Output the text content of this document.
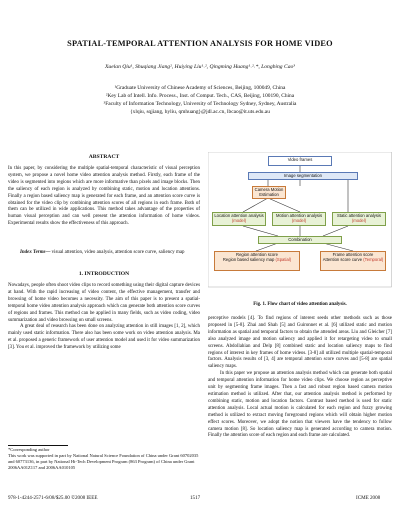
SPATIAL-TEMPORAL ATTENTION ANALYSIS FOR HOME VIDEO
Xuelan Qiu¹, Shuqiang Jiang², Huiying Liu¹˒², Qingming Huang¹˒²˒*, Longbing Cao³
¹Graduate University of Chinese Academy of Sciences, Beijing, 100049, China
²Key Lab of Intell. Info. Process., Inst. of Comput. Tech., CAS, Beijing, 100190, China
³Faculty of Information Technology, University of Technology Sydney, Sydney, Australia
{xlqiu, sqjiang, hyliu, qmhuang}@jdl.ac.cn, lbcao@it.uts.edu.au
ABSTRACT

In this paper, by considering the multiple spatial-temporal characteristic of visual perception system, we propose a novel home video attention analysis method. Firstly, each frame of the video is segmented into regions which are more informative than pixels and image blocks. Then the saliency of each region is analyzed by combining static, motion and location attentions. Finally a region based saliency map is generated for each frame, and an attention score curve is obtained for the video clip by combining attention scores of all regions in each frame. Both of them can be utilized in wide applications. This method takes advantage of the properties of human visual perception and can well present the attention information of home videos. Experimental results show the effectiveness of this approach.

Index Terms— visual attention, video analysis, attention score curve, saliency map

1. INTRODUCTION

Nowadays, people often shoot video clips to record something using their digital capture devices at hand. With the rapid increasing of video content, the effective management, transfer and browsing of home video becomes a necessity. The aim of this paper is to present a spatial-temporal home video attention analysis approach which can generate both attention score curves of regions and frames. This method can be applied in many fields, such as video coding, video summarization and video browsing on small screens.

A great deal of research has been done on analyzing attention in still images [1, 2], which mainly used static information. There also has been some work on video attention analysis. Ma et al. proposed a generic framework of user attention model and used it for video summarization [3]. You et al. improved the framework by utilizing some

*Corresponding author
This work was supported in part by National Natural Science Foundation of China under Grant 60702035 and 60773136, in part by National Hi-Tech Development Program (863 Program) of China under Grant 2006AA01Z117 and 2006AA010105
Video frames
Image segmentation
Camera Motion Estimation
Location attention analysis (model)
Motion attention analysis (model)
Static attention analysis (model)
Combination
Region attention score
Region based saliency map (Spatial)
Frame attention score
Attention score curve (Temporal)
Fig. 1. Flow chart of video attention analysis.

perceptive models [4]. To find regions of interest seeds other methods such as those proposed in [5-8]. Zhai and Shah [5] and Guironnet et al. [6] utilized static and motion information as spatial and temporal factors to obtain the attended areas. Liu and Gleicher [7] also analyzed image and motion saliency and applied it for retargeting video to small screens. Abdollahian and Delp [8] combined static and location saliency maps to find regions of interest in key frames of home videos. [3-8] all utilized multiple spatial-temporal factors. Analysis results of [3, 4] are temporal attention score curves and [5-8] are spatial saliency maps.

In this paper we propose an attention analysis method which can generate both spatial and temporal attention information for home video clips. We choose region as perceptive unit by segmenting frame images. Then a fast and robust region based camera motion estimation method is utilized. After that, our attention analysis method is performed by combining static, motion and location factors. Contrast based method is used for static attention analysis. Local actual motion is calculated for each region and fuzzy growing method is utilized to extract moving foreground regions which will obtain higher motion effect scores. Moreover, we adopt the notion that viewers have the tendency to follow camera motion [8]. So location saliency map is generated according to camera motion. Finally the attention score of each region and each frame are calculated.

978-1-4244-2571-6/08/$25.00 ©2008 IEEE	1517	ICME 2008
